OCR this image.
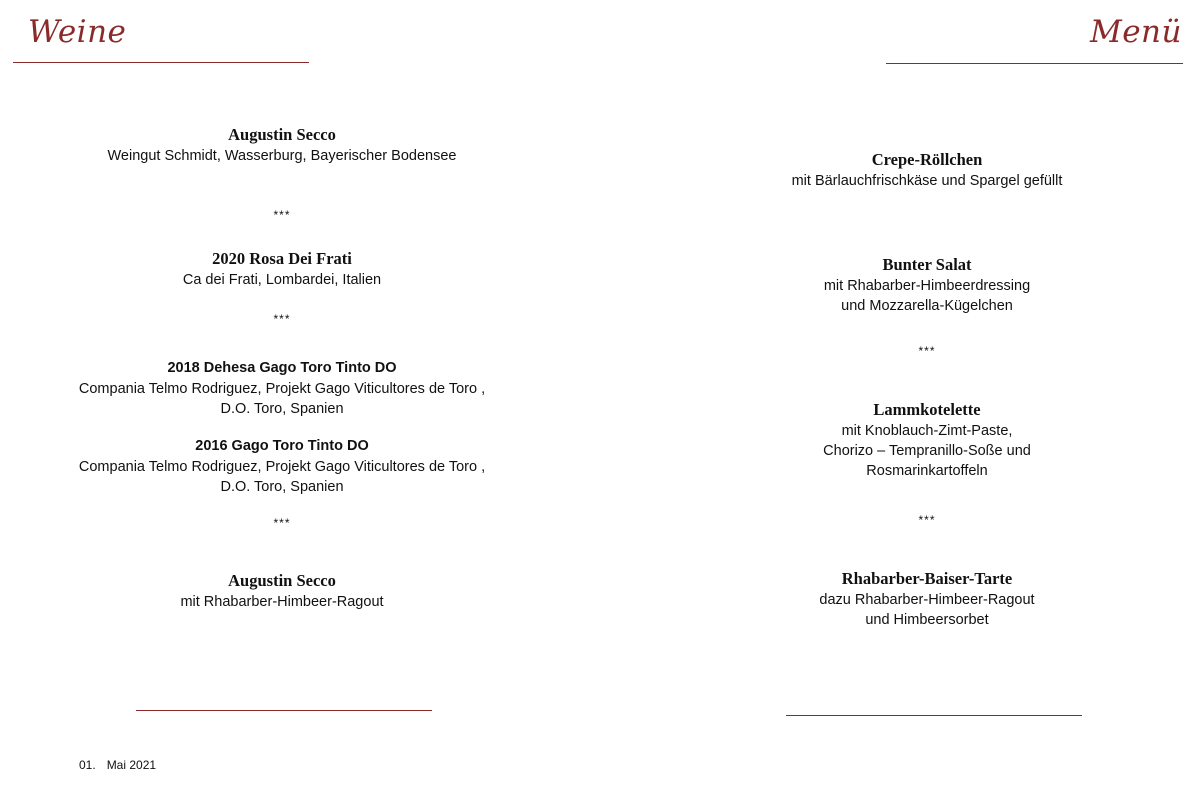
Weine	Menü
Augustin Secco
Weingut Schmidt, Wasserburg, Bayerischer Bodensee
***
2020 Rosa Dei Frati
Ca dei Frati, Lombardei, Italien
***
2018 Dehesa Gago Toro Tinto DO
Compania Telmo Rodriguez, Projekt Gago Viticultores de Toro ,
D.O. Toro, Spanien
2016 Gago Toro Tinto DO
Compania Telmo Rodriguez, Projekt Gago Viticultores de Toro ,
D.O. Toro, Spanien
***
Augustin Secco
mit Rhabarber-Himbeer-Ragout
Crepe-Röllchen
mit Bärlauchfrischkäse und Spargel gefüllt
Bunter Salat
mit Rhabarber-Himbeerdressing
und Mozzarella-Kügelchen
***
Lammkotelette
mit Knoblauch-Zimt-Paste,
Chorizo – Tempranillo-Soße und
Rosmarinkartoffeln
***
Rhabarber-Baiser-Tarte
dazu Rhabarber-Himbeer-Ragout
und Himbeersorbet
01. Mai 2021
